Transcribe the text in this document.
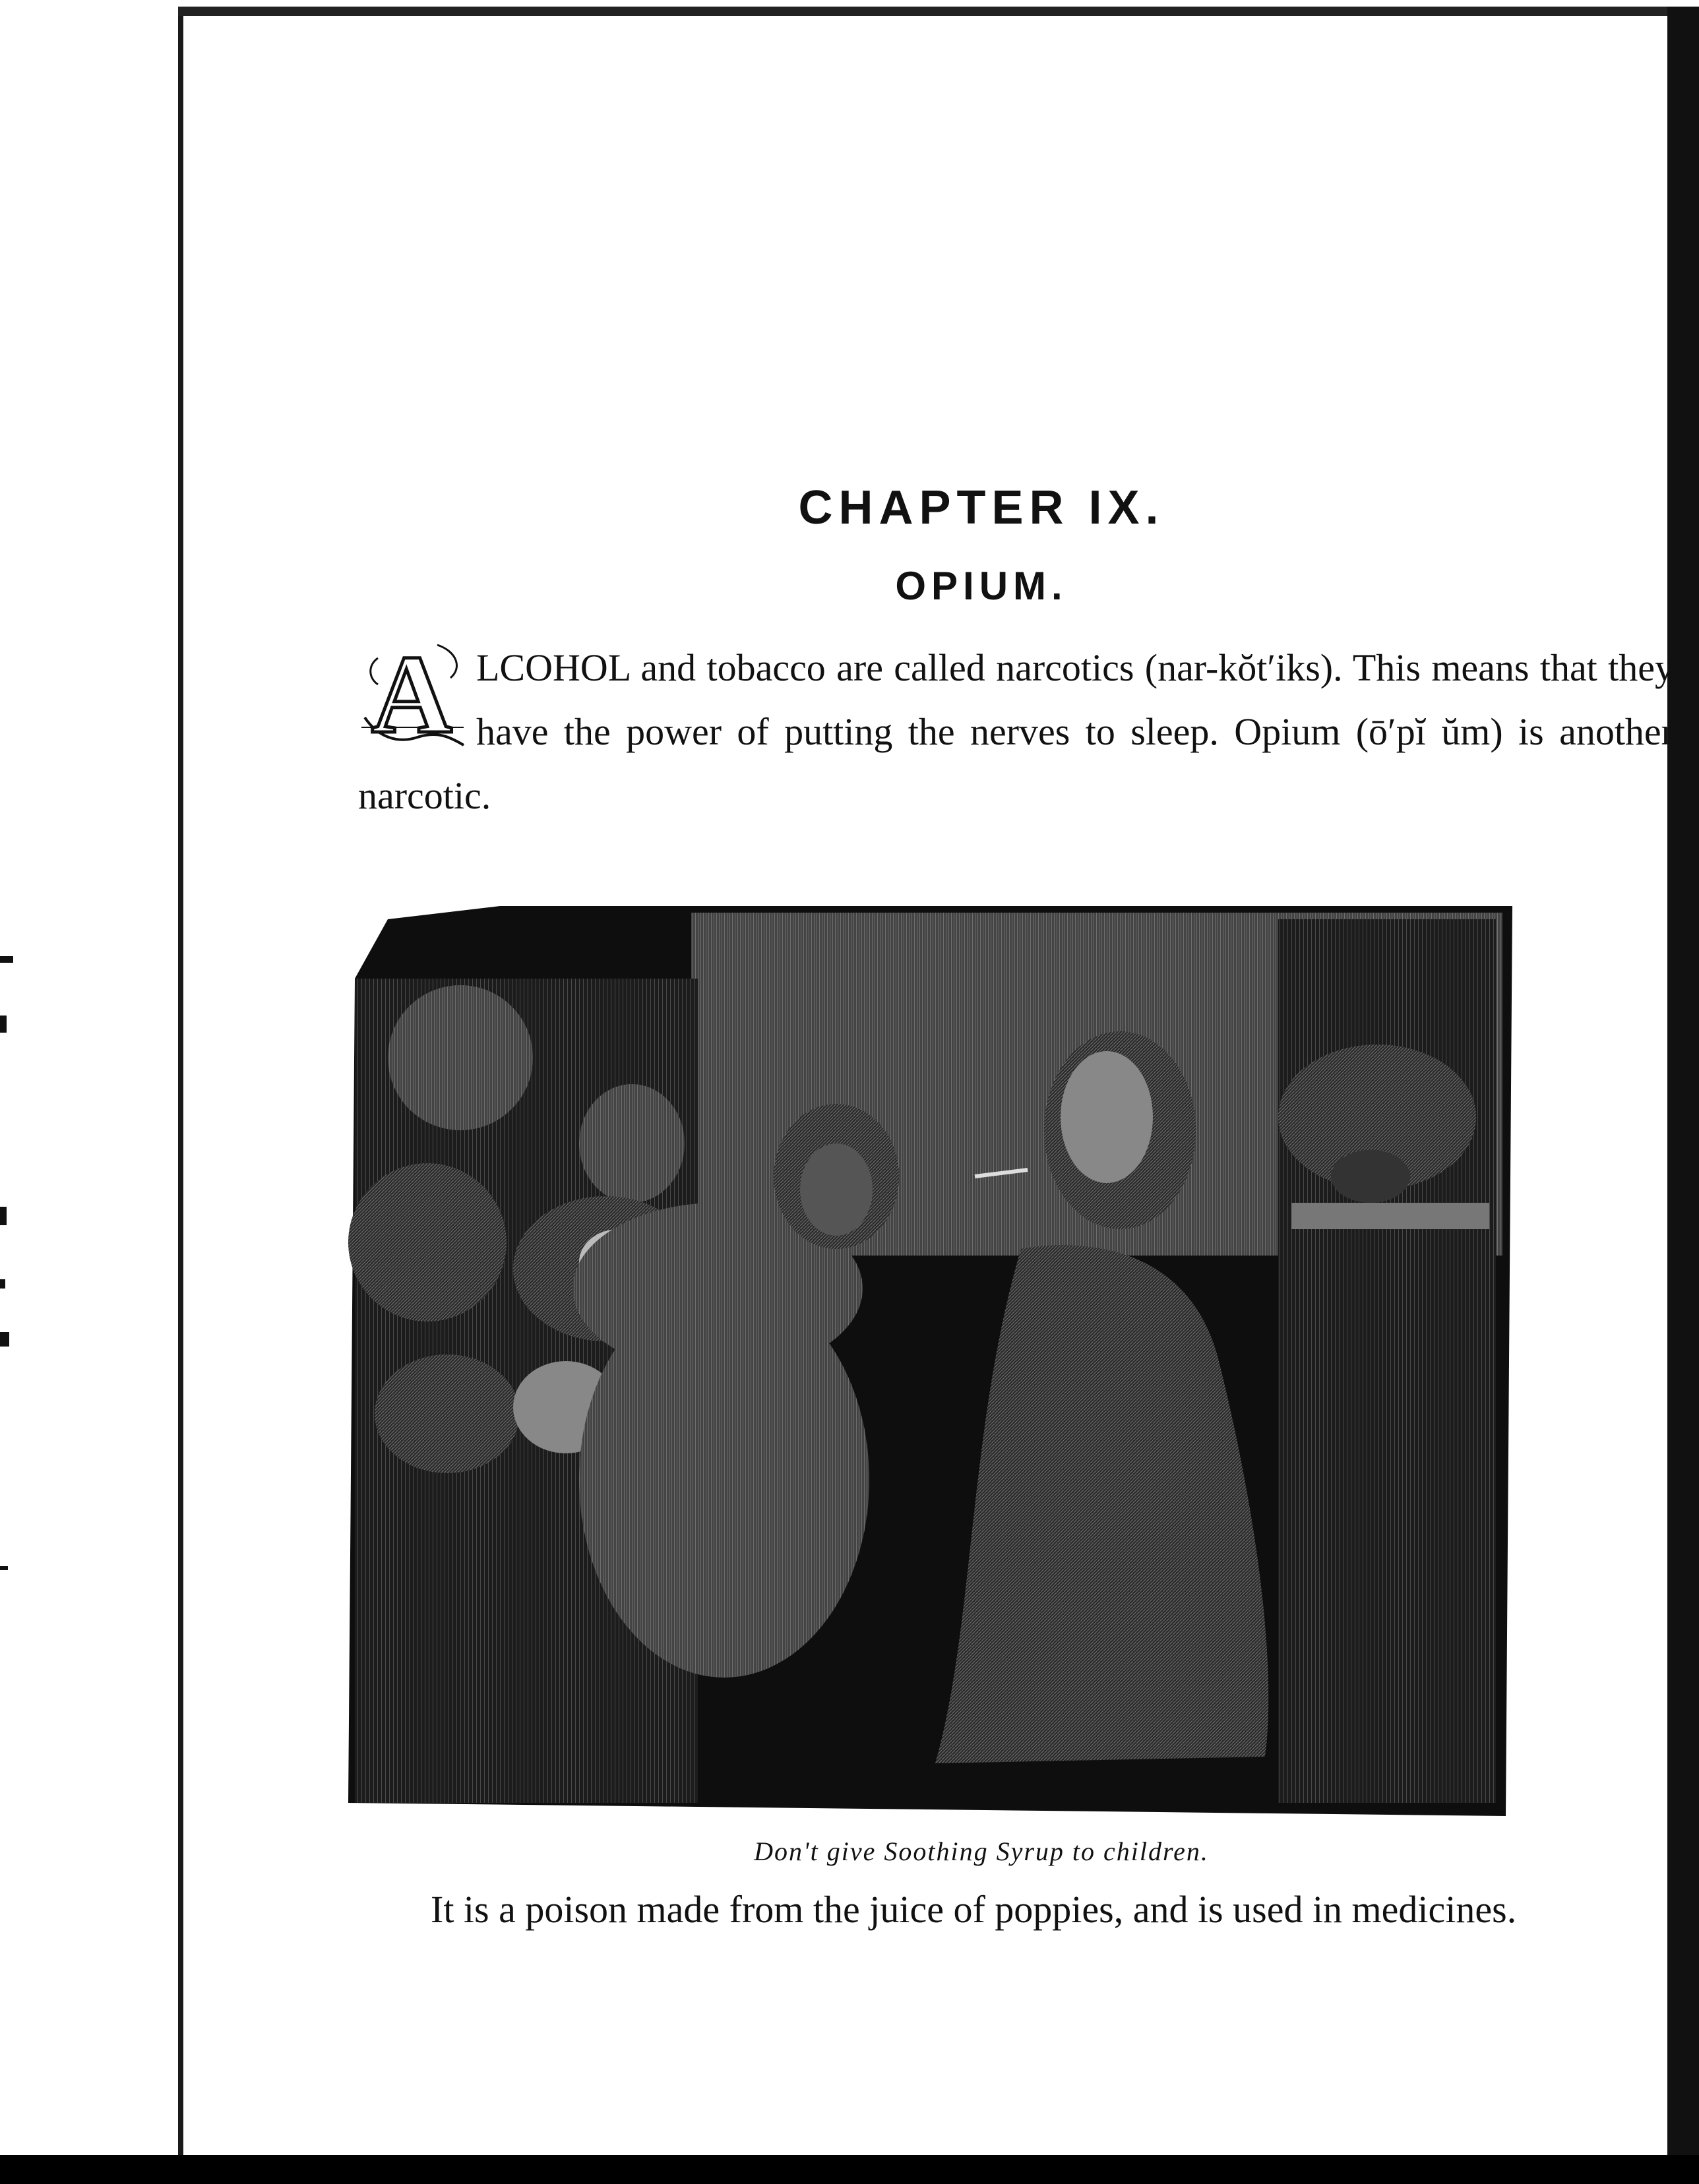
CHAPTER IX.
OPIUM.

A LCOHOL and tobacco are called narcotics (nar-kŏt′iks). This means that they have the power of putting the nerves to sleep. Opium (ō′pĭ ŭm) is another narcotic.

Don't give Soothing Syrup to children.

It is a poison made from the juice of poppies, and is used in medicines.
